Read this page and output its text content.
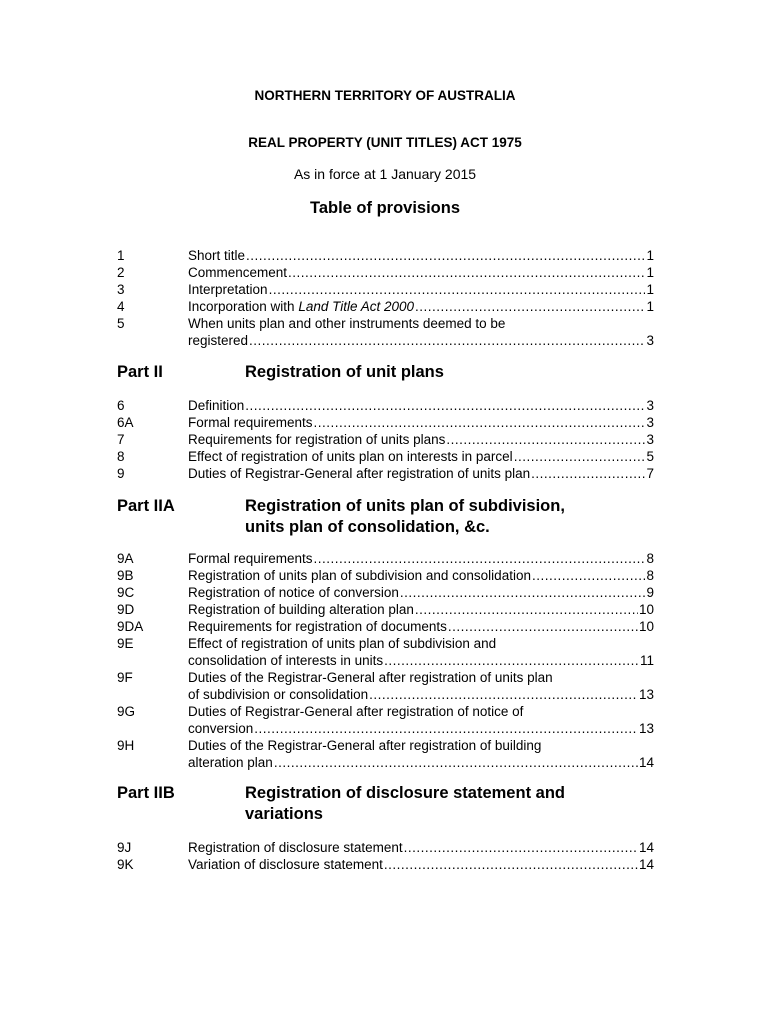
NORTHERN TERRITORY OF AUSTRALIA
REAL PROPERTY (UNIT TITLES) ACT 1975
As in force at 1 January 2015
Table of provisions
Part II	Registration of unit plans
Part IIA	Registration of units plan of subdivision,
units plan of consolidation, &c.
Part IIB	Registration of disclosure statement and
variations
1	Short title .....	1
2	Commencement .....	1
3	Interpretation .....	1
4	Incorporation with Land Title Act 2000 .....	1
5	When units plan and other instruments deemed to be
registered .....	3
6	Definition .....	3
6A	Formal requirements .....	3
7	Requirements for registration of units plans .....	3
8	Effect of registration of units plan on interests in parcel .....	5
9	Duties of Registrar-General after registration of units plan .....	7
9A	Formal requirements .....	8
9B	Registration of units plan of subdivision and consolidation .....	8
9C	Registration of notice of conversion .....	9
9D	Registration of building alteration plan .....	10
9DA	Requirements for registration of documents .....	10
9E	Effect of registration of units plan of subdivision and
consolidation of interests in units .....	11
9F	Duties of the Registrar-General after registration of units plan
of subdivision or consolidation .....	13
9G	Duties of Registrar-General after registration of notice of
conversion .....	13
9H	Duties of the Registrar-General after registration of building
alteration plan .....	14
9J	Registration of disclosure statement .....	14
9K	Variation of disclosure statement .....	14
